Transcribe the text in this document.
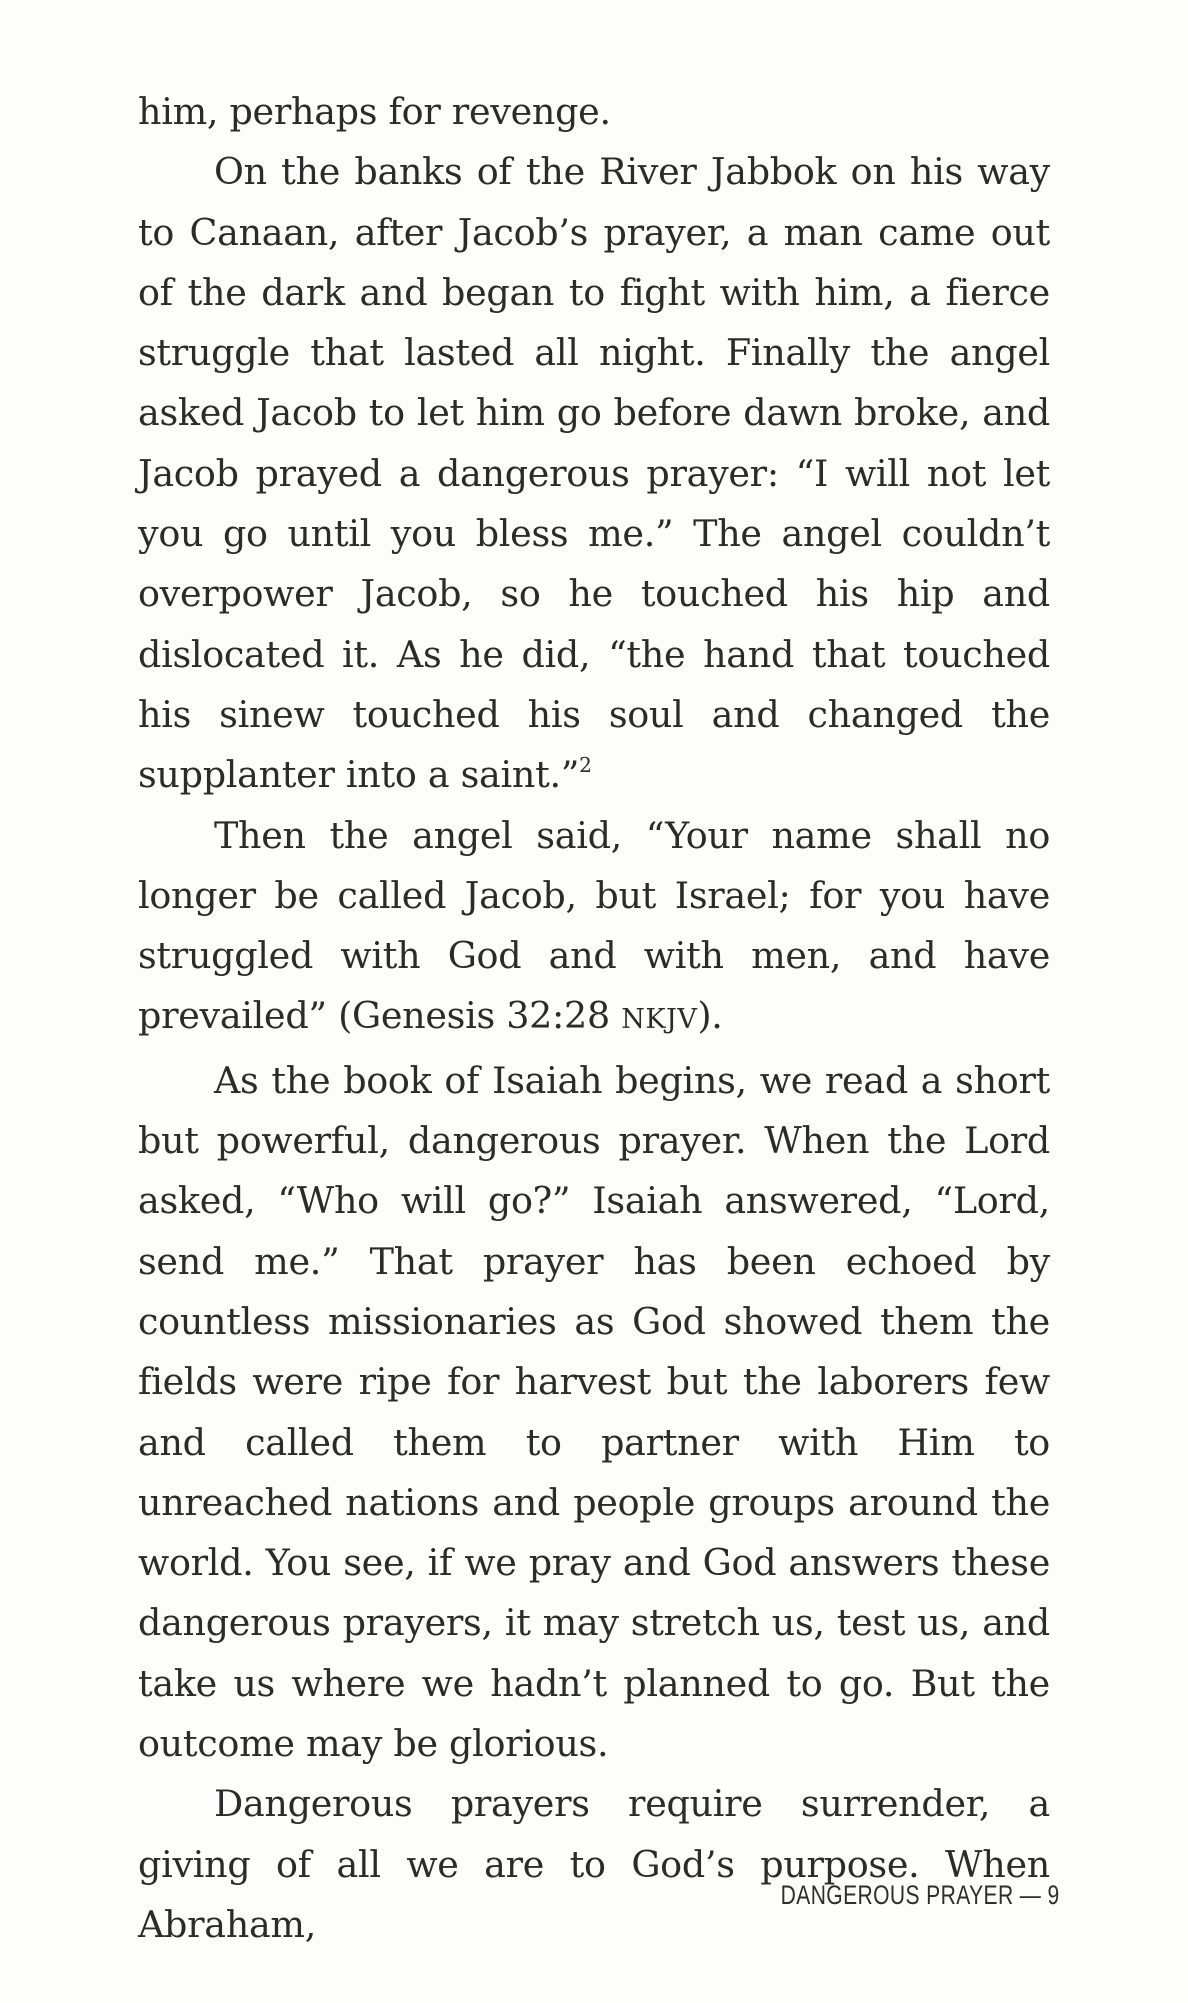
him, perhaps for revenge.

On the banks of the River Jabbok on his way to Canaan, after Jacob’s prayer, a man came out of the dark and began to fight with him, a fierce struggle that lasted all night. Finally the angel asked Jacob to let him go before dawn broke, and Jacob prayed a dangerous prayer: “I will not let you go until you bless me.” The angel couldn’t overpower Jacob, so he touched his hip and dislocated it. As he did, “the hand that touched his sinew touched his soul and changed the supplanter into a saint.”$^2$

Then the angel said, “Your name shall no longer be called Jacob, but Israel; for you have struggled with God and with men, and have prevailed” (Genesis 32:28 NKJV).

As the book of Isaiah begins, we read a short but powerful, dangerous prayer. When the Lord asked, “Who will go?” Isaiah answered, “Lord, send me.” That prayer has been echoed by countless missionaries as God showed them the fields were ripe for harvest but the laborers few and called them to partner with Him to unreached nations and people groups around the world. You see, if we pray and God answers these dangerous prayers, it may stretch us, test us, and take us where we hadn’t planned to go. But the outcome may be glorious.

Dangerous prayers require surrender, a giving of all we are to God’s purpose. When Abraham,

DANGEROUS PRAYER — 9
